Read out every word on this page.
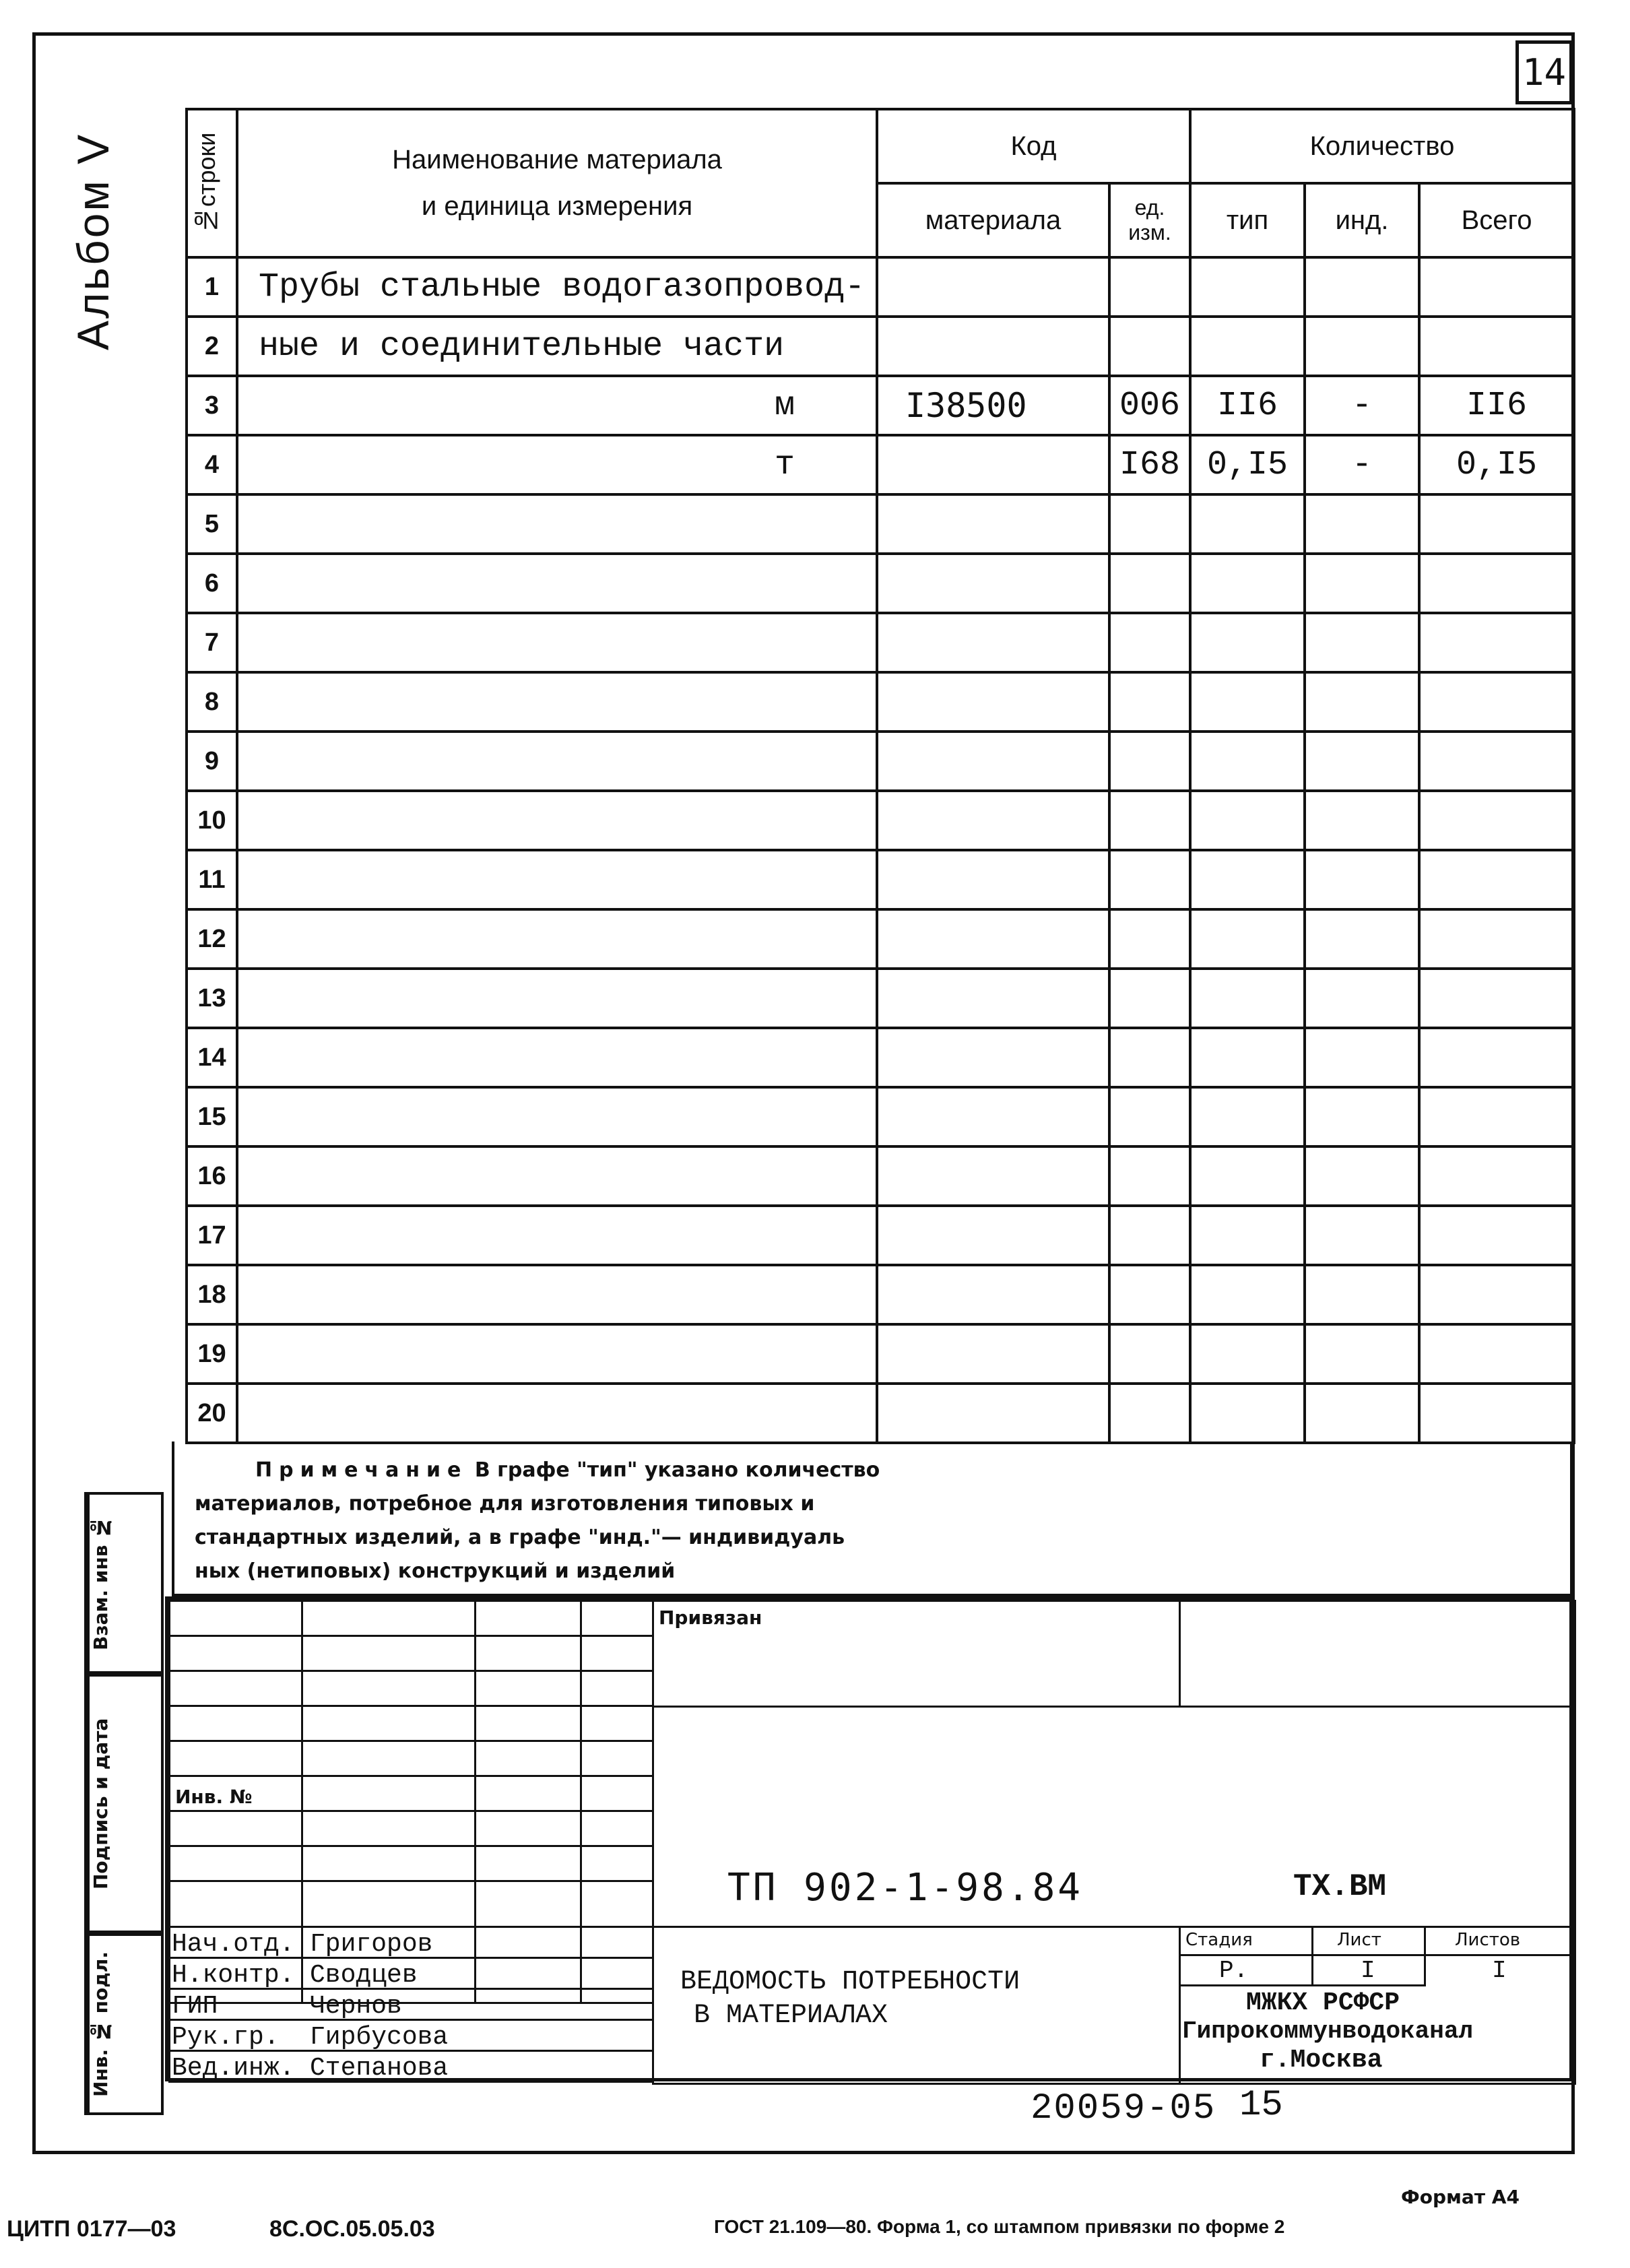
14
Альбом V	№строки	Наименование материала
и единица измерения	Код		Количество		
		материала	ед. изм.	тип	инд.	Всего
1	Трубы стальные водогазопровод-					
2	ные и соединительные части					
3	м	I38500	006	II6	-	II6
4	т		I68	0,I5	-	0,I5
5						
6						
7						
8						
9						
10						
11						
12						
13						
14						
15						
16						
17						
18						
19						
20						
Примечание В графе "тип" указано количество
материалов, потребное для изготовления типовых и
стандартных изделий, а в графе "инд."— индивидуаль
ных (нетиповых) конструкций и изделий
Взам. инв №
Подпись и дата
Инв. № подл.
Инв. №
Привязан
ТП 902-1-98.84	ТХ.ВМ
ВЕДОМОСТЬ ПОТРЕБНОСТИ
В МАТЕРИАЛАХ
Стадия	Лист	Листов
Р.	I	I
МЖКХ РСФСР
Гипрокоммунводоканал
г.Москва
Нач.отд. Григоров
Н.контр. Сводцев
ГИП	Чернов
Рук.гр. Гирбусова
Вед.инж. Степанова
20059-05 15
Формат А4
ЦИТП 0177—03	8С.ОС.05.05.03	ГОСТ 21.109—80. Форма 1, со штампом привязки по форме 2
